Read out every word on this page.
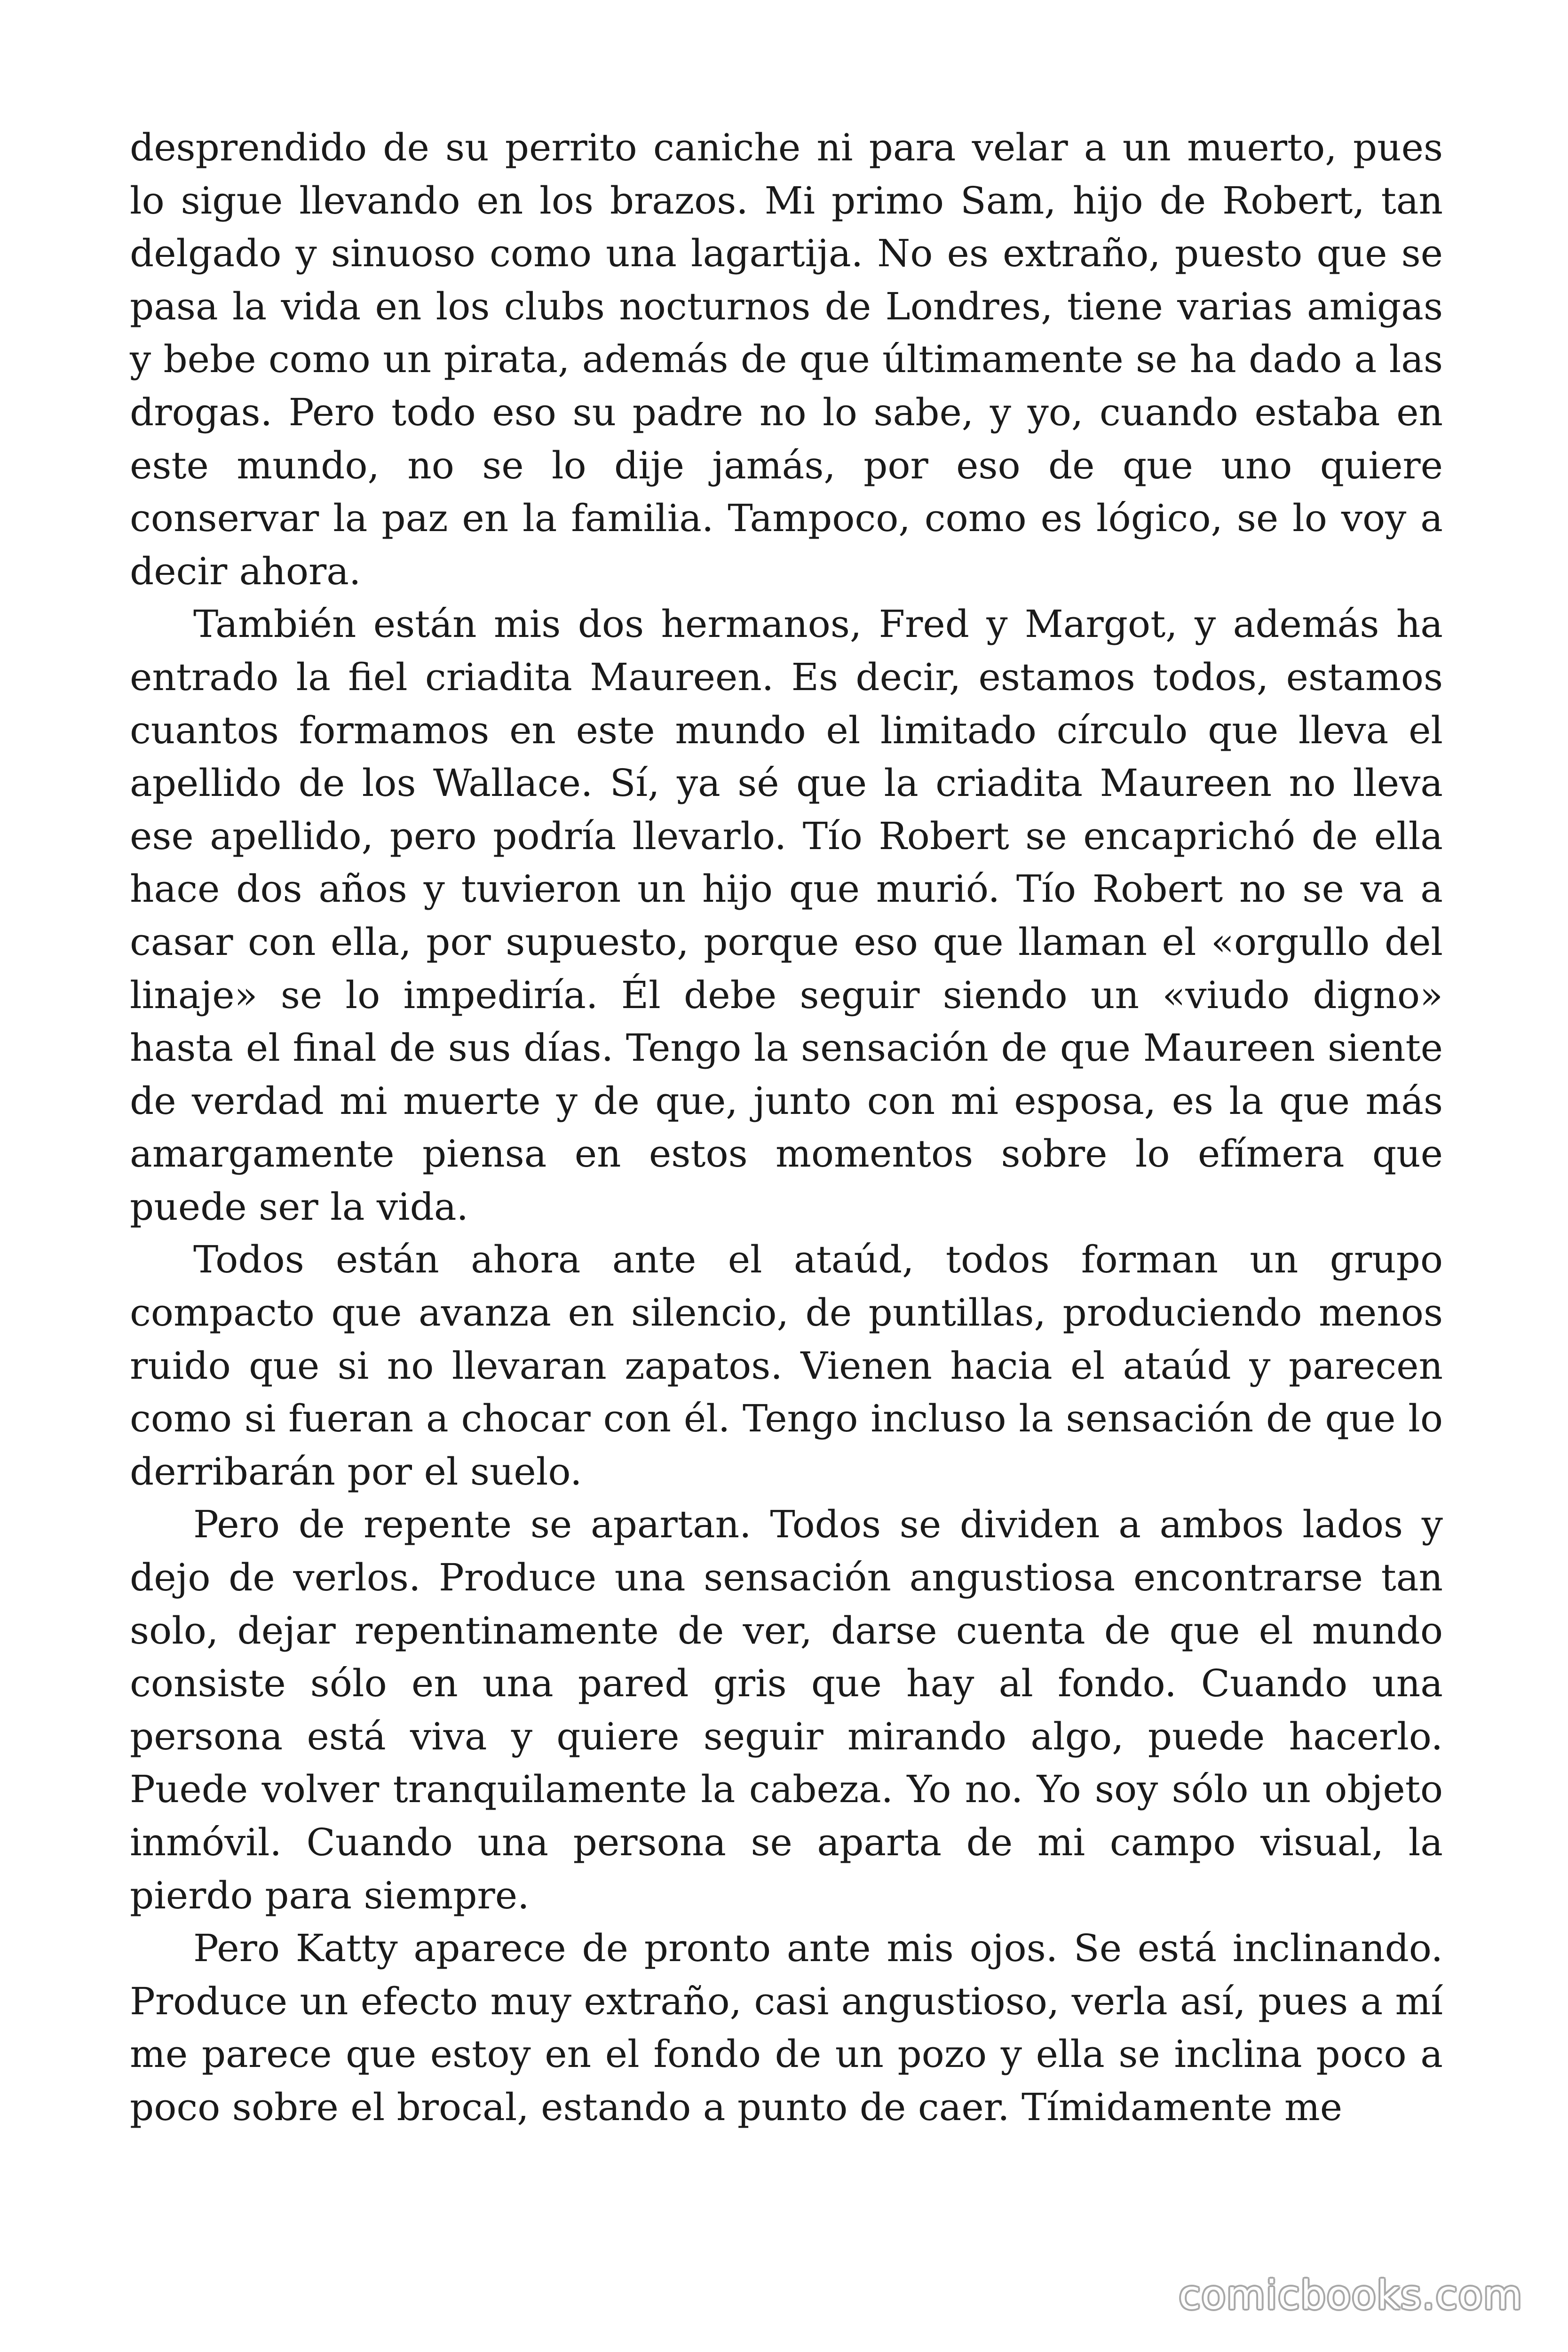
desprendido de su perrito caniche ni para velar a un muerto, pues lo sigue llevando en los brazos. Mi primo Sam, hijo de Robert, tan delgado y sinuoso como una lagartija. No es extraño, puesto que se pasa la vida en los clubs nocturnos de Londres, tiene varias amigas y bebe como un pirata, además de que últimamente se ha dado a las drogas. Pero todo eso su padre no lo sabe, y yo, cuando estaba en este mundo, no se lo dije jamás, por eso de que uno quiere conservar la paz en la familia. Tampoco, como es lógico, se lo voy a decir ahora.

También están mis dos hermanos, Fred y Margot, y además ha entrado la fiel criadita Maureen. Es decir, estamos todos, estamos cuantos formamos en este mundo el limitado círculo que lleva el apellido de los Wallace. Sí, ya sé que la criadita Maureen no lleva ese apellido, pero podría llevarlo. Tío Robert se encaprichó de ella hace dos años y tuvieron un hijo que murió. Tío Robert no se va a casar con ella, por supuesto, porque eso que llaman el «orgullo del linaje» se lo impediría. Él debe seguir siendo un «viudo digno» hasta el final de sus días. Tengo la sensación de que Maureen siente de verdad mi muerte y de que, junto con mi esposa, es la que más amargamente piensa en estos momentos sobre lo efímera que puede ser la vida.

Todos están ahora ante el ataúd, todos forman un grupo compacto que avanza en silencio, de puntillas, produciendo menos ruido que si no llevaran zapatos. Vienen hacia el ataúd y parecen como si fueran a chocar con él. Tengo incluso la sensación de que lo derribarán por el suelo.

Pero de repente se apartan. Todos se dividen a ambos lados y dejo de verlos. Produce una sensación angustiosa encontrarse tan solo, dejar repentinamente de ver, darse cuenta de que el mundo consiste sólo en una pared gris que hay al fondo. Cuando una persona está viva y quiere seguir mirando algo, puede hacerlo. Puede volver tranquilamente la cabeza. Yo no. Yo soy sólo un objeto inmóvil. Cuando una persona se aparta de mi campo visual, la pierdo para siempre.

Pero Katty aparece de pronto ante mis ojos. Se está inclinando. Produce un efecto muy extraño, casi angustioso, verla así, pues a mí me parece que estoy en el fondo de un pozo y ella se inclina poco a poco sobre el brocal, estando a punto de caer. Tímidamente me

comicbooks.com
